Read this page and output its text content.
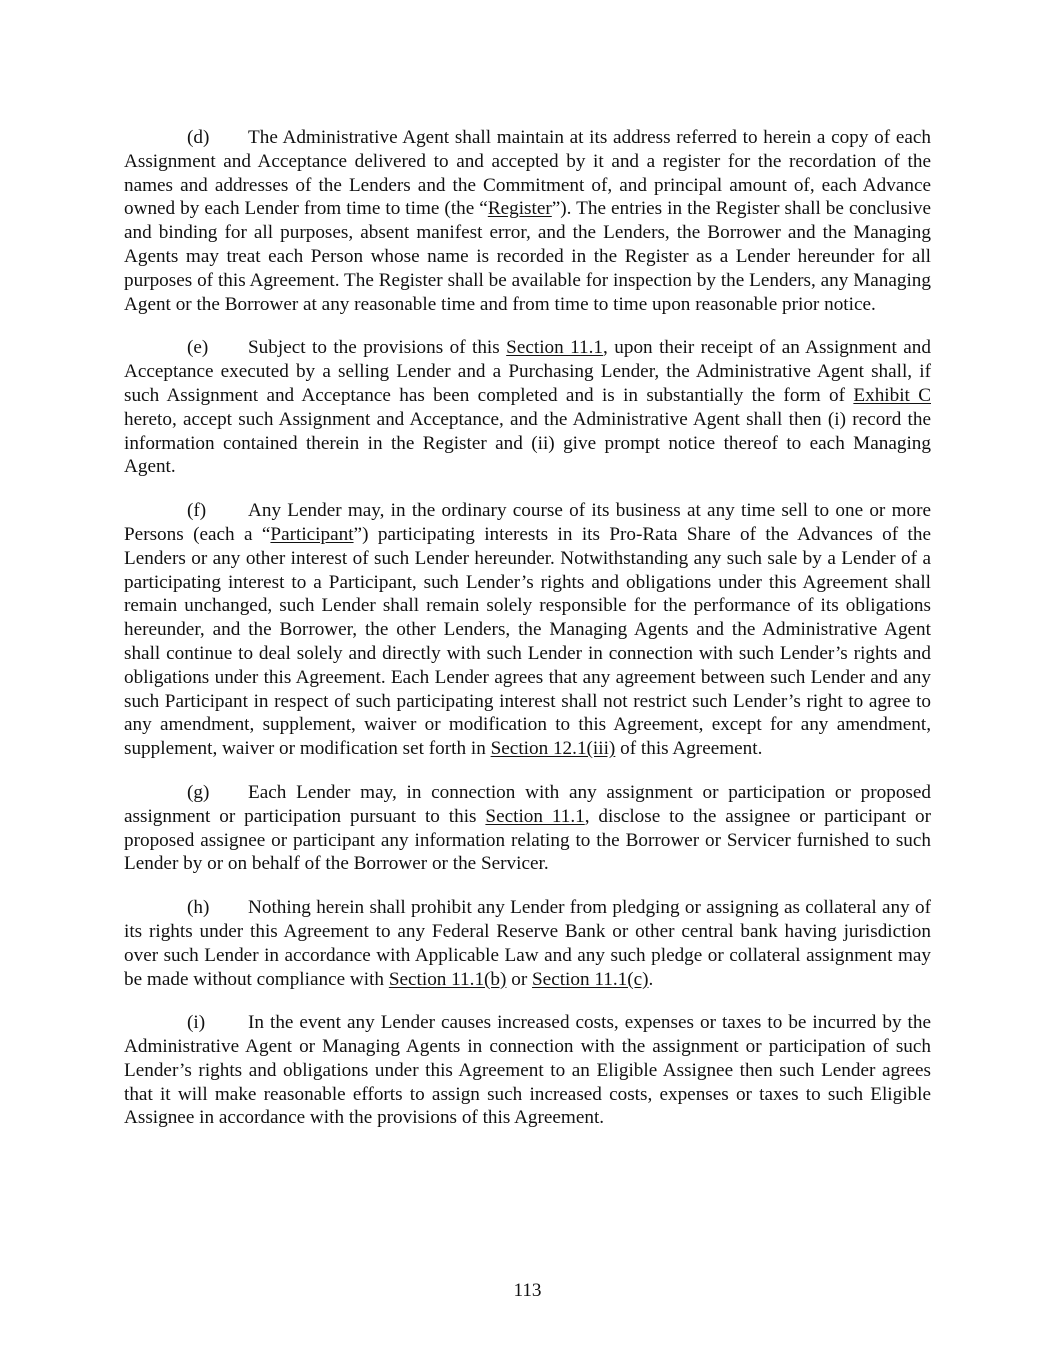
(d) The Administrative Agent shall maintain at its address referred to herein a copy of each Assignment and Acceptance delivered to and accepted by it and a register for the recordation of the names and addresses of the Lenders and the Commitment of, and principal amount of, each Advance owned by each Lender from time to time (the “Register”). The entries in the Register shall be conclusive and binding for all purposes, absent manifest error, and the Lenders, the Borrower and the Managing Agents may treat each Person whose name is recorded in the Register as a Lender hereunder for all purposes of this Agreement. The Register shall be available for inspection by the Lenders, any Managing Agent or the Borrower at any reasonable time and from time to time upon reasonable prior notice.

(e) Subject to the provisions of this Section 11.1, upon their receipt of an Assignment and Acceptance executed by a selling Lender and a Purchasing Lender, the Administrative Agent shall, if such Assignment and Acceptance has been completed and is in substantially the form of Exhibit C hereto, accept such Assignment and Acceptance, and the Administrative Agent shall then (i) record the information contained therein in the Register and (ii) give prompt notice thereof to each Managing Agent.

(f) Any Lender may, in the ordinary course of its business at any time sell to one or more Persons (each a “Participant”) participating interests in its Pro-Rata Share of the Advances of the Lenders or any other interest of such Lender hereunder. Notwithstanding any such sale by a Lender of a participating interest to a Participant, such Lender’s rights and obligations under this Agreement shall remain unchanged, such Lender shall remain solely responsible for the performance of its obligations hereunder, and the Borrower, the other Lenders, the Managing Agents and the Administrative Agent shall continue to deal solely and directly with such Lender in connection with such Lender’s rights and obligations under this Agreement. Each Lender agrees that any agreement between such Lender and any such Participant in respect of such participating interest shall not restrict such Lender’s right to agree to any amendment, supplement, waiver or modification to this Agreement, except for any amendment, supplement, waiver or modification set forth in Section 12.1(iii) of this Agreement.

(g) Each Lender may, in connection with any assignment or participation or proposed assignment or participation pursuant to this Section 11.1, disclose to the assignee or participant or proposed assignee or participant any information relating to the Borrower or Servicer furnished to such Lender by or on behalf of the Borrower or the Servicer.

(h) Nothing herein shall prohibit any Lender from pledging or assigning as collateral any of its rights under this Agreement to any Federal Reserve Bank or other central bank having jurisdiction over such Lender in accordance with Applicable Law and any such pledge or collateral assignment may be made without compliance with Section 11.1(b) or Section 11.1(c).

(i) In the event any Lender causes increased costs, expenses or taxes to be incurred by the Administrative Agent or Managing Agents in connection with the assignment or participation of such Lender’s rights and obligations under this Agreement to an Eligible Assignee then such Lender agrees that it will make reasonable efforts to assign such increased costs, expenses or taxes to such Eligible Assignee in accordance with the provisions of this Agreement.

113
